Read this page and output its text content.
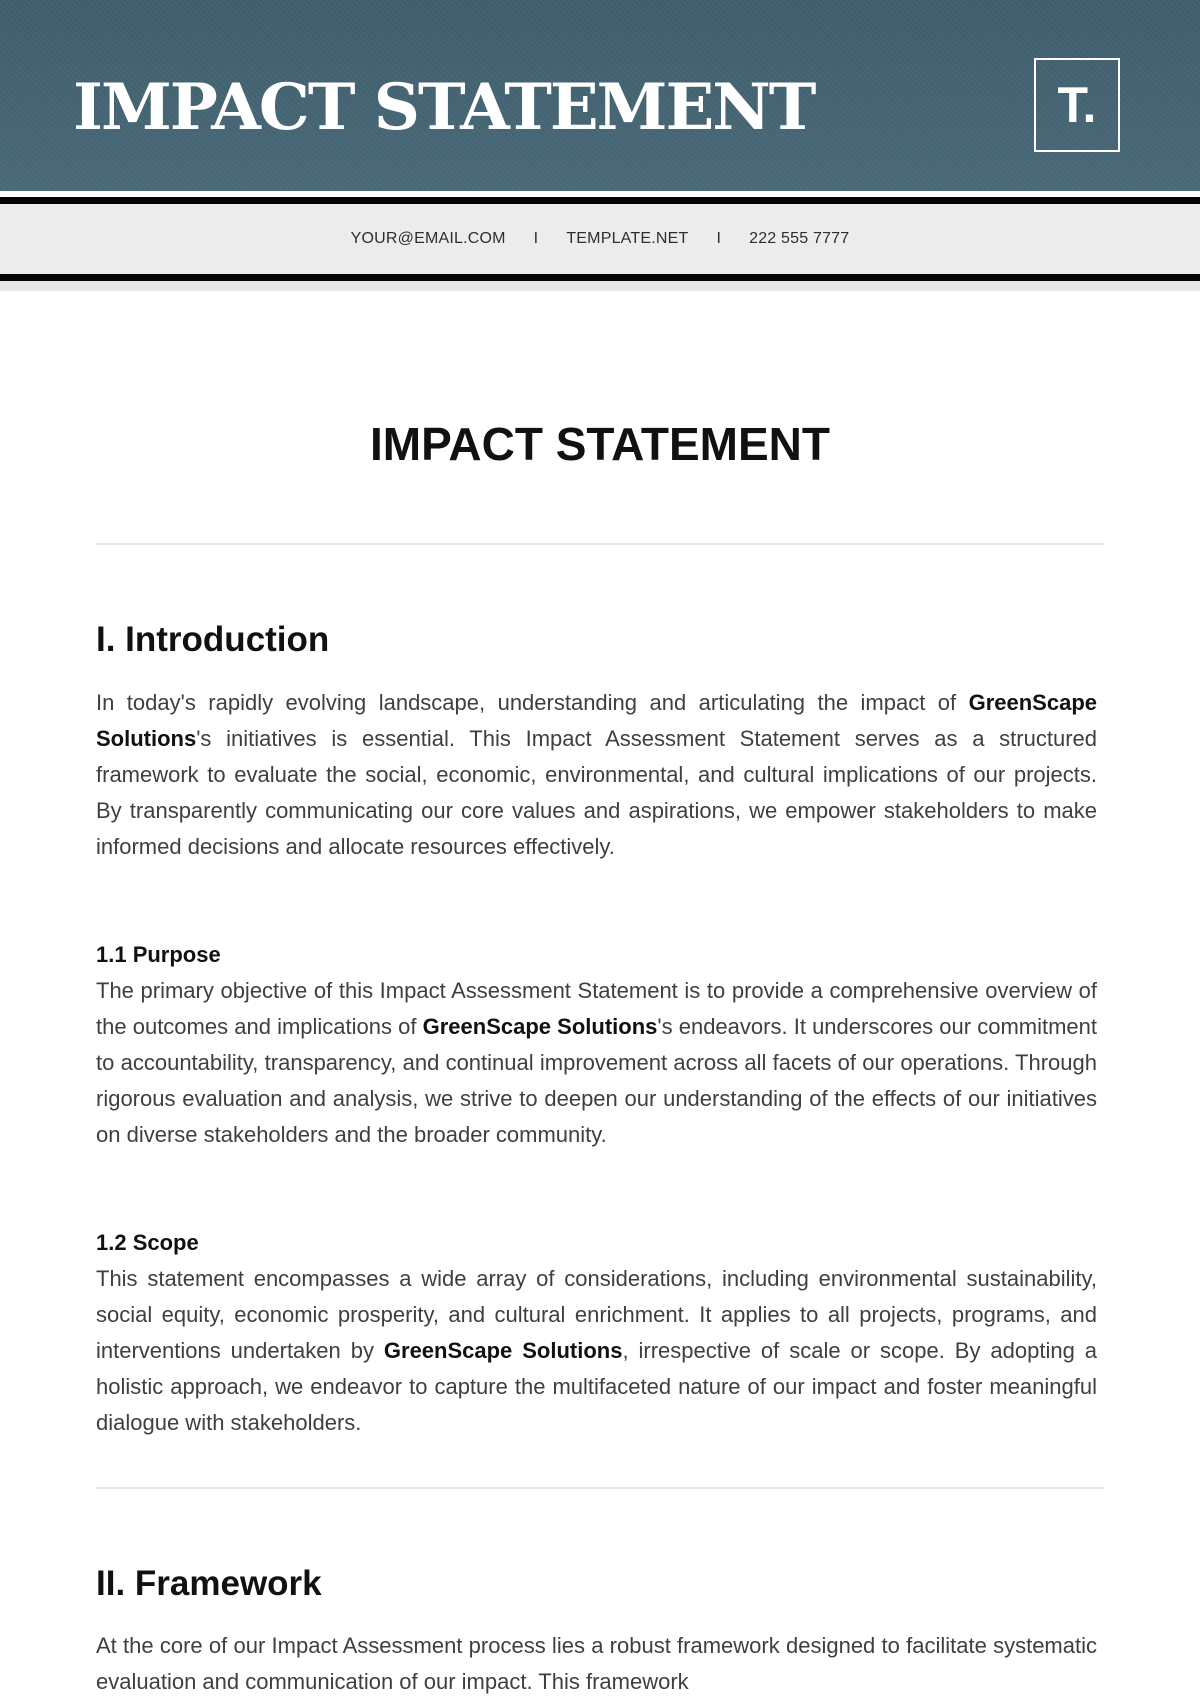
IMPACT STATEMENT	T.
YOUR@EMAIL.COM I TEMPLATE.NET I 222 555 7777
IMPACT STATEMENT
I. Introduction

In today's rapidly evolving landscape, understanding and articulating the impact of GreenScape Solutions's initiatives is essential. This Impact Assessment Statement serves as a structured framework to evaluate the social, economic, environmental, and cultural implications of our projects. By transparently communicating our core values and aspirations, we empower stakeholders to make informed decisions and allocate resources effectively.

1.1 Purpose
The primary objective of this Impact Assessment Statement is to provide a comprehensive overview of the outcomes and implications of GreenScape Solutions's endeavors. It underscores our commitment to accountability, transparency, and continual improvement across all facets of our operations. Through rigorous evaluation and analysis, we strive to deepen our understanding of the effects of our initiatives on diverse stakeholders and the broader community.

1.2 Scope
This statement encompasses a wide array of considerations, including environmental sustainability, social equity, economic prosperity, and cultural enrichment. It applies to all projects, programs, and interventions undertaken by GreenScape Solutions, irrespective of scale or scope. By adopting a holistic approach, we endeavor to capture the multifaceted nature of our impact and foster meaningful dialogue with stakeholders.

II. Framework

At the core of our Impact Assessment process lies a robust framework designed to facilitate systematic evaluation and communication of our impact. This framework
